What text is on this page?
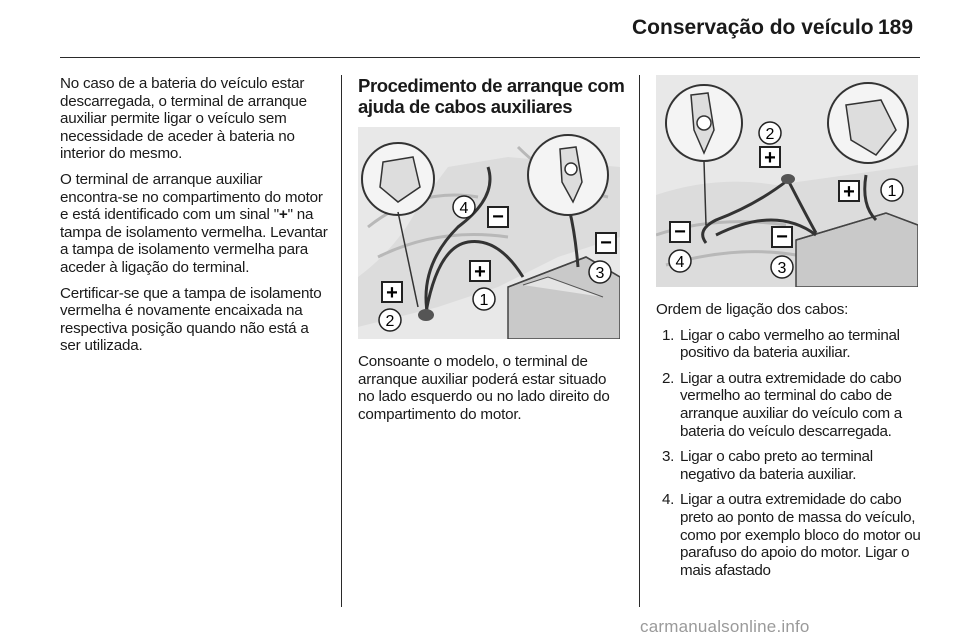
Conservação do veículo 189

No caso de a bateria do veículo estar descarregada, o terminal de arranque auxiliar permite ligar o veículo sem necessidade de aceder à bateria no interior do mesmo.

O terminal de arranque auxiliar encontra-se no compartimento do motor e está identificado com um sinal "+" na tampa de isolamento vermelha. Levantar a tampa de isolamento vermelha para aceder à ligação do terminal.

Certificar-se que a tampa de isolamento vermelha é novamente encaixada na respectiva posição quando não está a ser utilizada.

Procedimento de arranque com ajuda de cabos auxiliares
−
−
+
+
4
3
1
2

Consoante o modelo, o terminal de arranque auxiliar poderá estar situado no lado esquerdo ou no lado direito do compartimento do motor.

+
+
−	−
2
1
4	3

Ordem de ligação dos cabos:

1. Ligar o cabo vermelho ao terminal positivo da bateria auxiliar.
2. Ligar a outra extremidade do cabo vermelho ao terminal do cabo de arranque auxiliar do veículo com a bateria do veículo descarregada.
3. Ligar o cabo preto ao terminal negativo da bateria auxiliar.
4. Ligar a outra extremidade do cabo preto ao ponto de massa do veículo, como por exemplo bloco do motor ou parafuso do apoio do motor. Ligar o mais afastado
carmanualsonline.info
